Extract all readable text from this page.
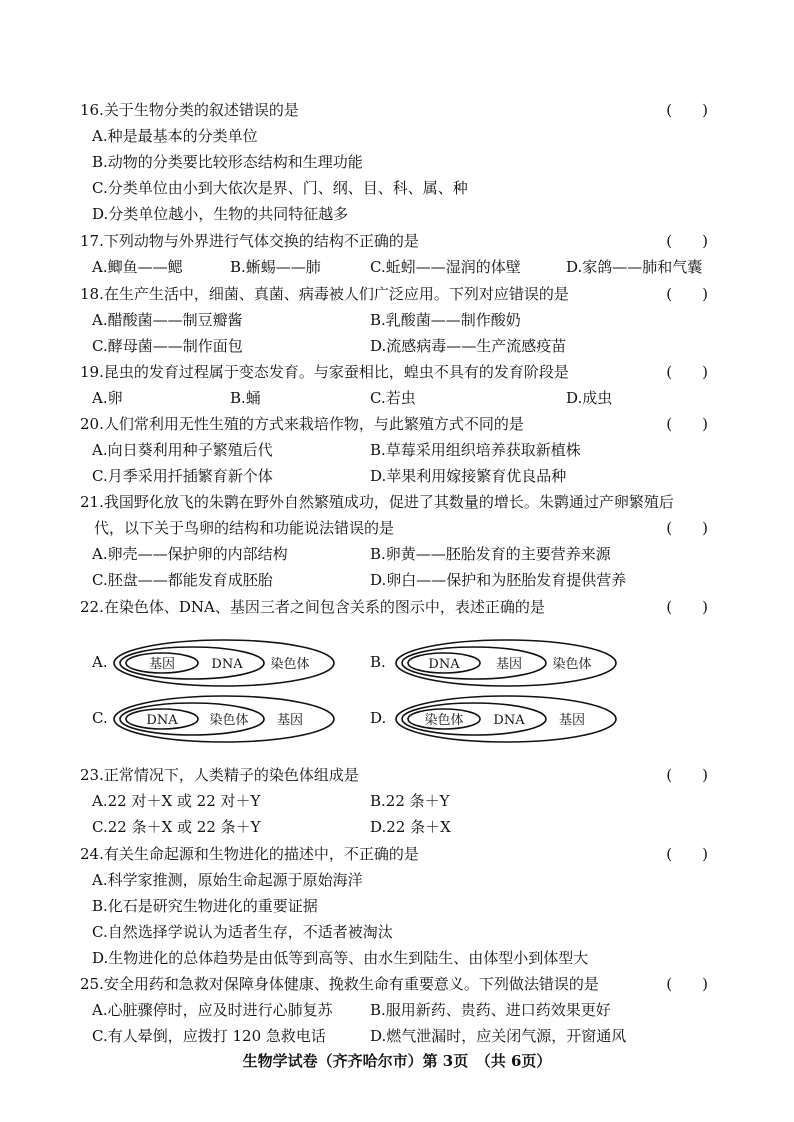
16.关于生物分类的叙述错误的是	(　　)
A.种是最基本的分类单位
B.动物的分类要比较形态结构和生理功能
C.分类单位由小到大依次是界、门、纲、目、科、属、种
D.分类单位越小，生物的共同特征越多
17.下列动物与外界进行气体交换的结构不正确的是	(　　)
A.鲫鱼——鳃	B.蜥蜴——肺	C.蚯蚓——湿润的体壁	D.家鸽——肺和气囊
18.在生产生活中，细菌、真菌、病毒被人们广泛应用。下列对应错误的是	(　　)
A.醋酸菌——制豆瓣酱	B.乳酸菌——制作酸奶
C.酵母菌——制作面包	D.流感病毒——生产流感疫苗
19.昆虫的发育过程属于变态发育。与家蚕相比，蝗虫不具有的发育阶段是	(　　)
A.卵	B.蛹	C.若虫	D.成虫
20.人们常利用无性生殖的方式来栽培作物，与此繁殖方式不同的是	(　　)
A.向日葵利用种子繁殖后代	B.草莓采用组织培养获取新植株
C.月季采用扦插繁育新个体	D.苹果利用嫁接繁育优良品种
21.我国野化放飞的朱鹮在野外自然繁殖成功，促进了其数量的增长。朱鹮通过产卵繁殖后
代，以下关于鸟卵的结构和功能说法错误的是	(　　)
A.卵壳——保护卵的内部结构	B.卵黄——胚胎发育的主要营养来源
C.胚盘——都能发育成胚胎	D.卵白——保护和为胚胎发育提供营养
22.在染色体、DNA、基因三者之间包含关系的图示中，表述正确的是	(　　)
A.	基因	DNA 染色体	B.	DNA	基因 染色体
C.	DNA 染色体 基因	D.	染色体 DNA	基因
23.正常情况下，人类精子的染色体组成是	(　　)
A.22 对＋X 或 22 对＋Y	B.22 条＋Y
C.22 条＋X 或 22 条＋Y	D.22 条＋X
24.有关生命起源和生物进化的描述中，不正确的是	(　　)
A.科学家推测，原始生命起源于原始海洋
B.化石是研究生物进化的重要证据
C.自然选择学说认为适者生存，不适者被淘汰
D.生物进化的总体趋势是由低等到高等、由水生到陆生、由体型小到体型大
25.安全用药和急救对保障身体健康、挽救生命有重要意义。下列做法错误的是	(　　)
A.心脏骤停时，应及时进行心肺复苏 B.服用新药、贵药、进口药效果更好
C.有人晕倒，应拨打 120 急救电话	D.燃气泄漏时，应关闭气源，开窗通风
生物学试卷（齐齐哈尔市）第 3页　（共 6页）
